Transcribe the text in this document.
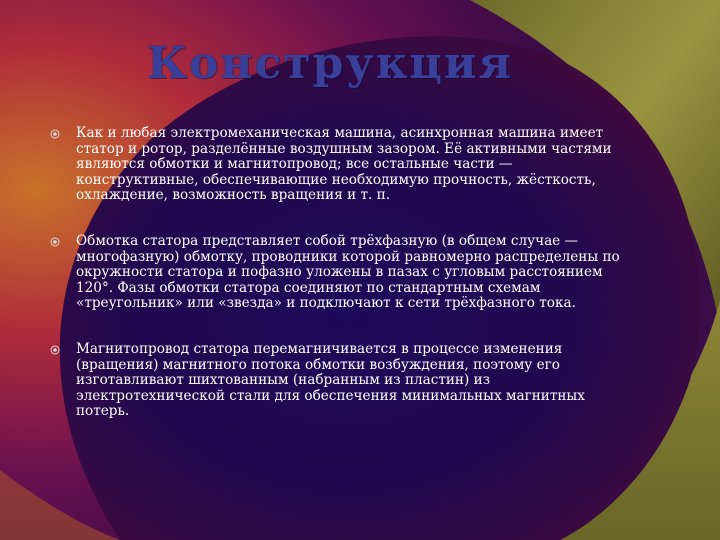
Конструкция
Как и любая электромеханическая машина, асинхронная машина имеет статор и ротор, разделённые воздушным зазором. Её активными частями являются обмотки и магнитопровод; все остальные части — конструктивные, обеспечивающие необходимую прочность, жёсткость, охлаждение, возможность вращения и т. п.
Обмотка статора представляет собой трёхфазную (в общем случае — многофазную) обмотку, проводники которой равномерно распределены по окружности статора и пофазно уложены в пазах с угловым расстоянием 120°. Фазы обмотки статора соединяют по стандартным схемам «треугольник» или «звезда» и подключают к сети трёхфазного тока.
Магнитопровод статора перемагничивается в процессе изменения (вращения) магнитного потока обмотки возбуждения, поэтому его изготавливают шихтованным (набранным из пластин) из электротехнической стали для обеспечения минимальных магнитных потерь.
